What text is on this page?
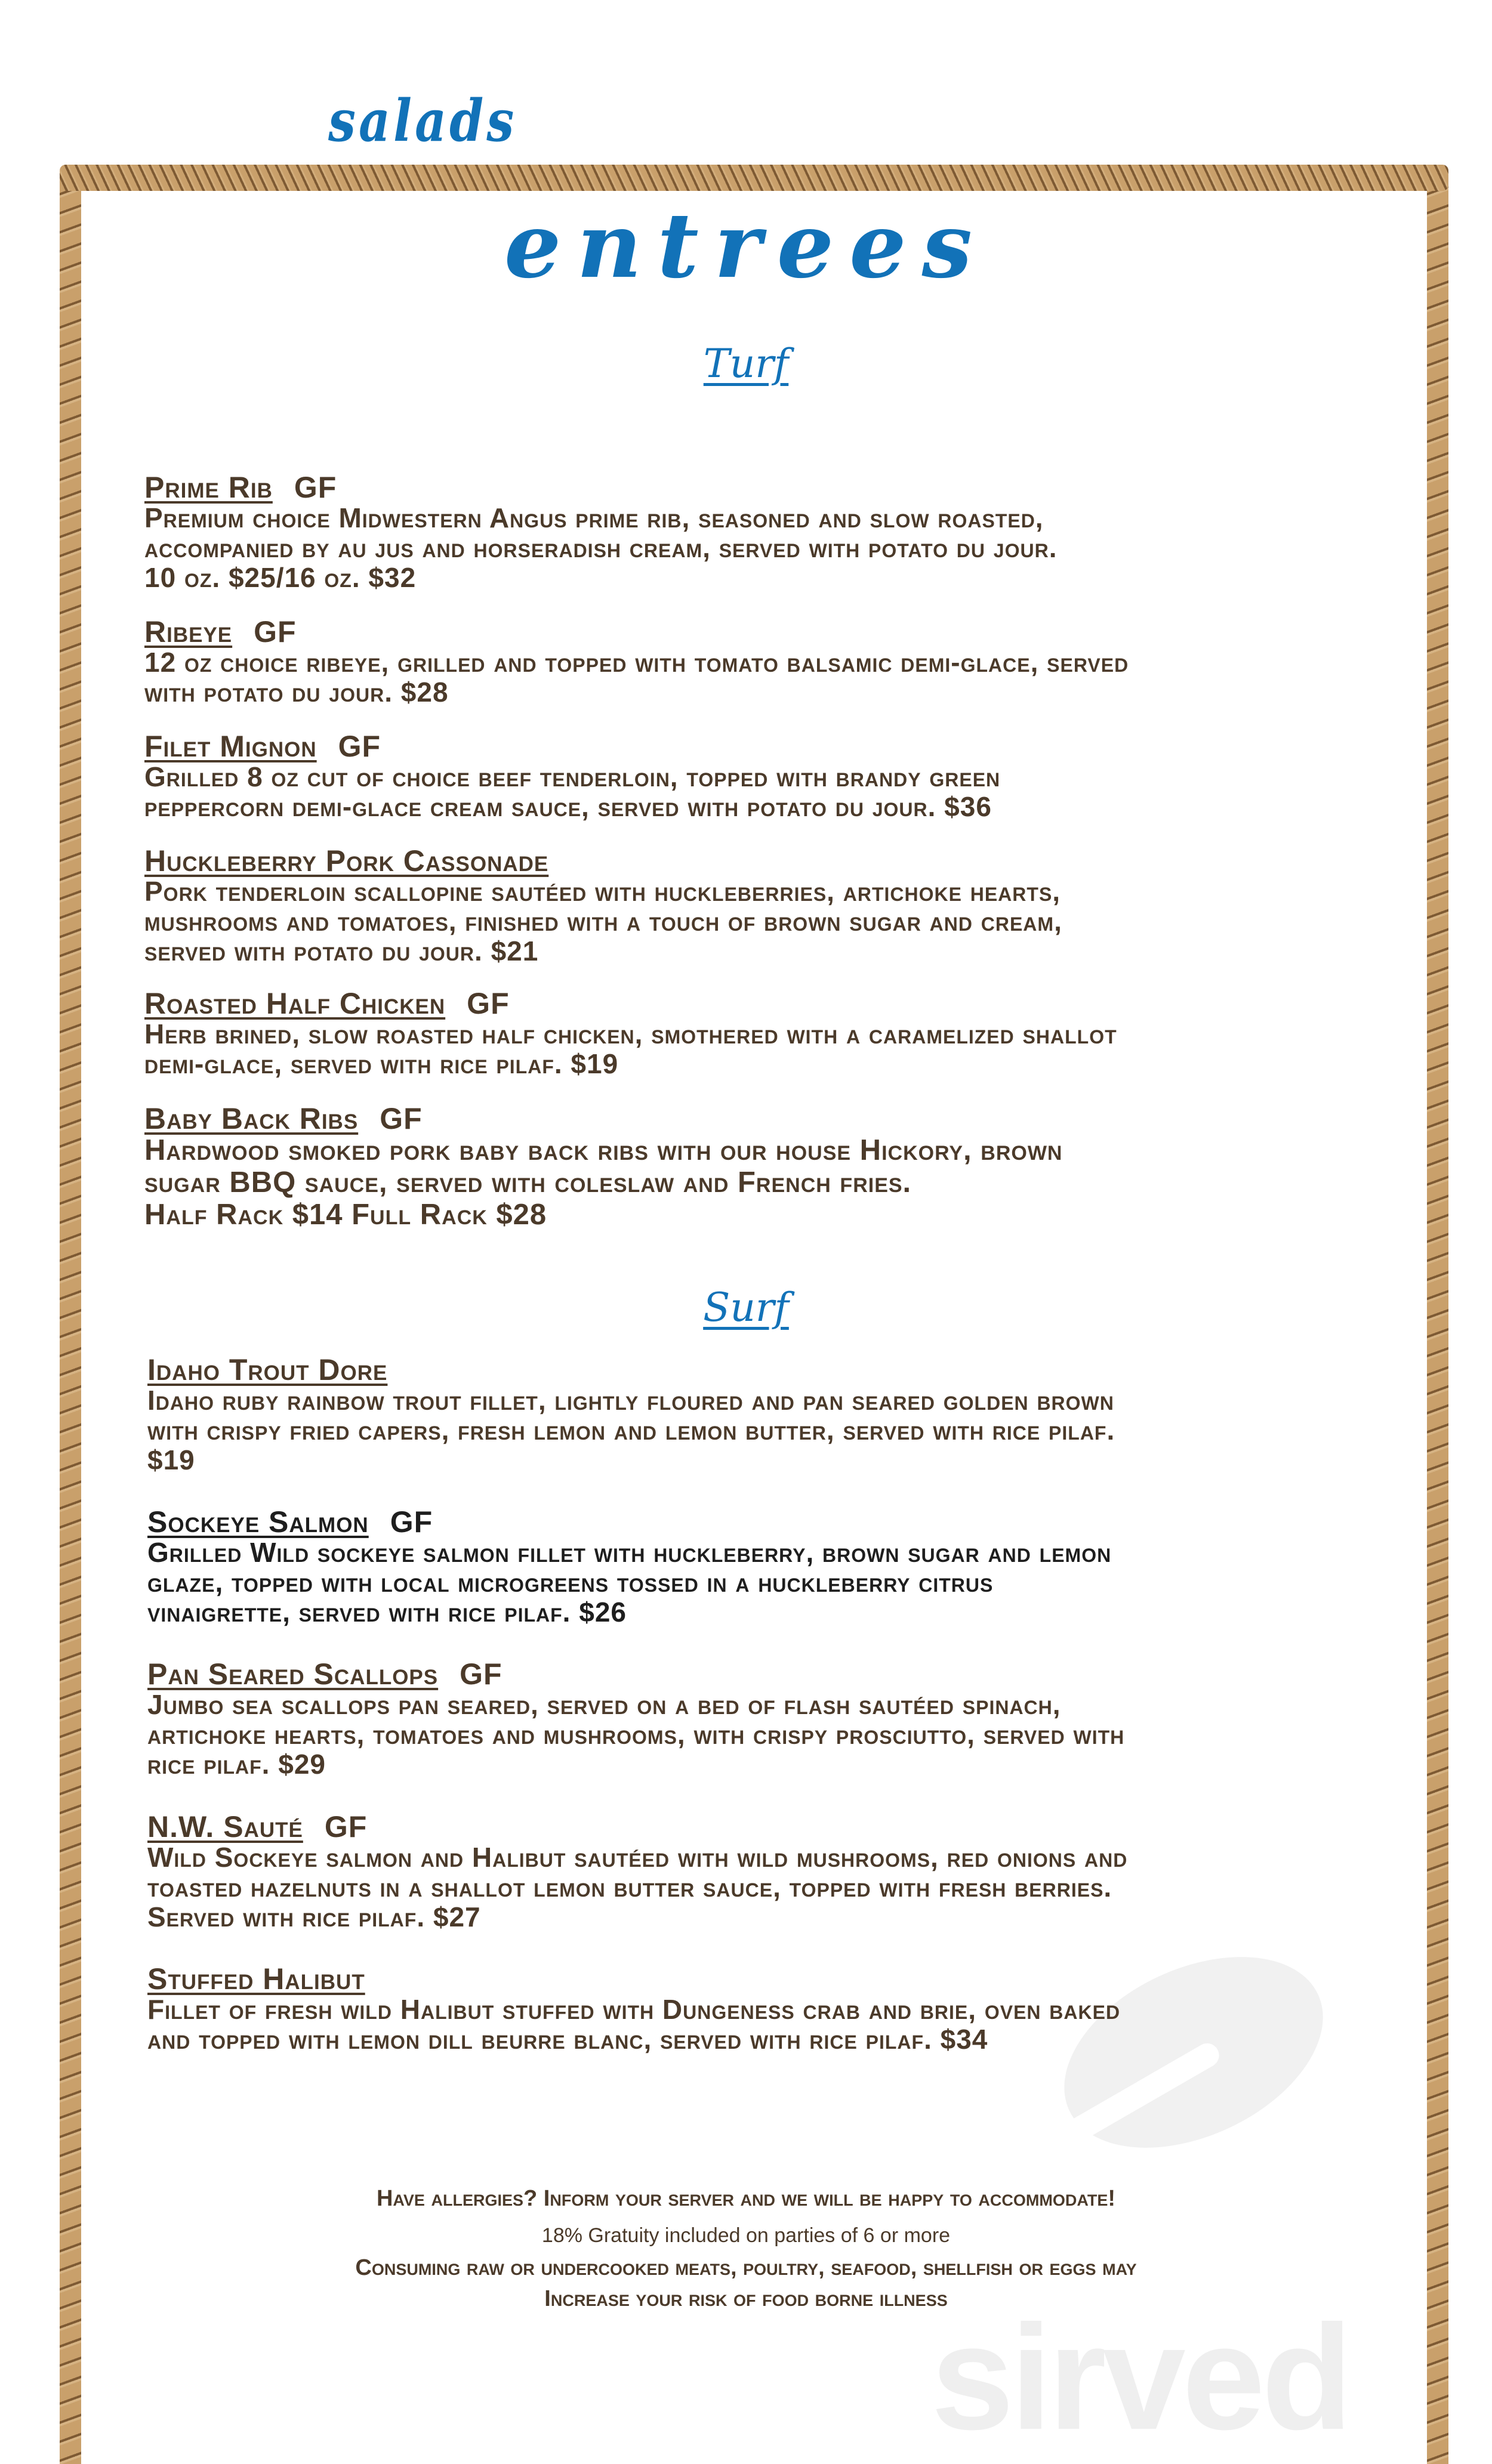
sirved
salads
entrees
Turf
Surf
Prime Rib GF
Premium choice Midwestern Angus prime rib, seasoned and slow roasted,
accompanied by au jus and horseradish cream, served with potato du jour.
10 oz. $25/16 oz. $32
Ribeye GF
12 oz choice ribeye, grilled and topped with tomato balsamic demi-glace, served
with potato du jour. $28
Filet Mignon GF
Grilled 8 oz cut of choice beef tenderloin, topped with brandy green
peppercorn demi-glace cream sauce, served with potato du jour. $36
Huckleberry Pork Cassonade
Pork tenderloin scallopine sautéed with huckleberries, artichoke hearts,
mushrooms and tomatoes, finished with a touch of brown sugar and cream,
served with potato du jour. $21
Roasted Half Chicken GF
Herb brined, slow roasted half chicken, smothered with a caramelized shallot
demi-glace, served with rice pilaf. $19
Baby Back Ribs GF
Hardwood smoked pork baby back ribs with our house Hickory, brown
sugar BBQ sauce, served with coleslaw and French fries.
Half Rack $14 Full Rack $28
Idaho Trout Dore
Idaho ruby rainbow trout fillet, lightly floured and pan seared golden brown
with crispy fried capers, fresh lemon and lemon butter, served with rice pilaf.
$19
Sockeye Salmon GF
Grilled Wild sockeye salmon fillet with huckleberry, brown sugar and lemon
glaze, topped with local microgreens tossed in a huckleberry citrus
vinaigrette, served with rice pilaf. $26
Pan Seared Scallops GF
Jumbo sea scallops pan seared, served on a bed of flash sautéed spinach,
artichoke hearts, tomatoes and mushrooms, with crispy prosciutto, served with
rice pilaf. $29
N.W. Sauté GF
Wild Sockeye salmon and Halibut sautéed with wild mushrooms, red onions and
toasted hazelnuts in a shallot lemon butter sauce, topped with fresh berries.
Served with rice pilaf. $27
Stuffed Halibut
Fillet of fresh wild Halibut stuffed with Dungeness crab and brie, oven baked
and topped with lemon dill beurre blanc, served with rice pilaf. $34
Have allergies? Inform your server and we will be happy to accommodate!
18% Gratuity included on parties of 6 or more
Consuming raw or undercooked meats, poultry, seafood, shellfish or eggs may
Increase your risk of food borne illness
